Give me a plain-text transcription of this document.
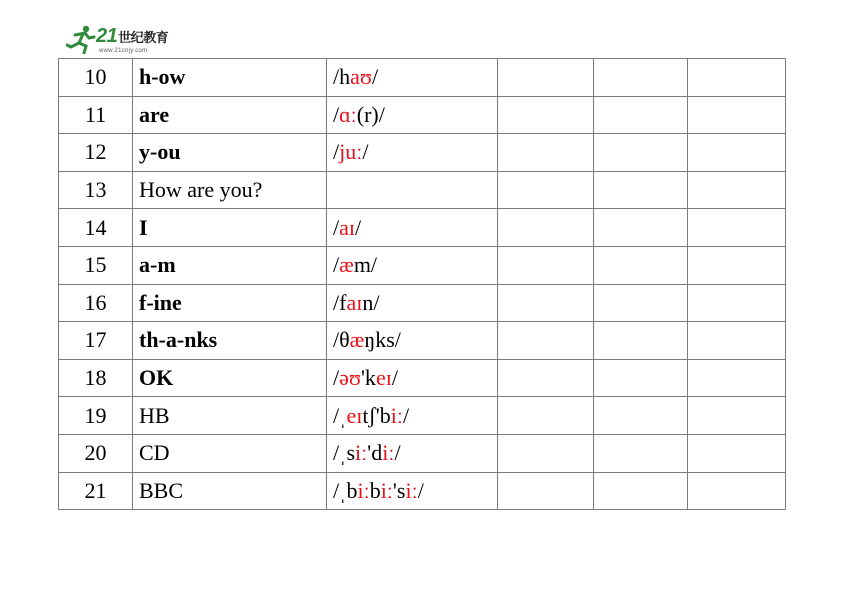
21世纪教育
www.21cnjy.com
10	h-ow	/haʊ/			
11	are	/ɑː(r)/			
12	y-ou	/juː/			
13	How are you?				
14	I	/aɪ/			
15	a-m	/æm/			
16	f-ine	/faɪn/			
17	th-a-nks	/θæŋks/			
18	OK	/əʊ'keɪ/			
19	HB	/ˌeɪtʃ'biː/			
20	CD	/ˌsiː'diː/			
21	BBC	/ˌbiːbiː'siː/			
